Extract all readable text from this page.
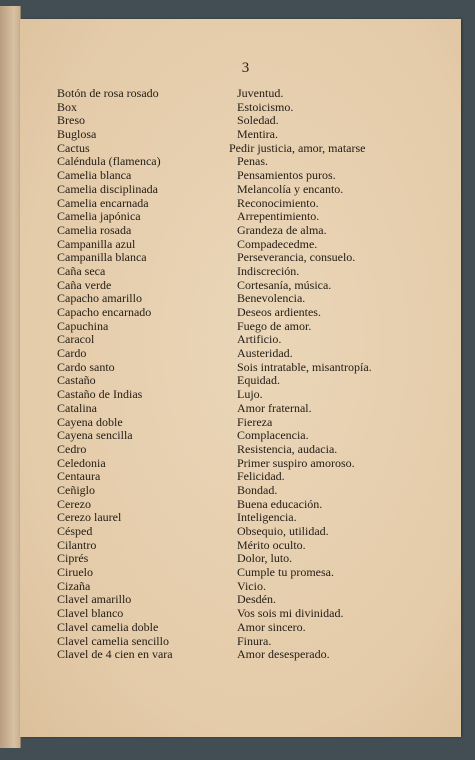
3
Botón de rosa rosado .....	Juventud.
Box .....	Estoicismo.
Breso .....	Soledad.
Buglosa .....	Mentira.
Cactus .....	Pedir justicia, amor, matarse
Caléndula (flamenca) .....	Penas.
Camelia blanca .....	Pensamientos puros.
Camelia disciplinada .....	Melancolía y encanto.
Camelia encarnada .....	Reconocimiento.
Camelia japónica .....	Arrepentimiento.
Camelia rosada .....	Grandeza de alma.
Campanilla azul .....	Compadecedme.
Campanilla blanca .....	Perseverancia, consuelo.
Caña seca .....	Indiscreción.
Caña verde .....	Cortesanía, música.
Capacho amarillo .....	Benevolencia.
Capacho encarnado .....	Deseos ardientes.
Capuchina .....	Fuego de amor.
Caracol .....	Artificio.
Cardo .....	Austeridad.
Cardo santo .....	Sois intratable, misantropía.
Castaño .....	Equidad.
Castaño de Indias .....	Lujo.
Catalina .....	Amor fraternal.
Cayena doble .....	Fiereza
Cayena sencilla .....	Complacencia.
Cedro .....	Resistencia, audacia.
Celedonia .....	Primer suspiro amoroso.
Centaura .....	Felicidad.
Ceñiglo .....	Bondad.
Cerezo .....	Buena educación.
Cerezo laurel .....	Inteligencia.
Césped .....	Obsequio, utilidad.
Cilantro .....	Mérito oculto.
Ciprés .....	Dolor, luto.
Ciruelo .....	Cumple tu promesa.
Cizaña .....	Vicio.
Clavel amarillo .....	Desdén.
Clavel blanco .....	Vos sois mi divinidad.
Clavel camelia doble .....	Amor sincero.
Clavel camelia sencillo .....	Finura.
Clavel de 4 cien en vara .....	Amor desesperado.
